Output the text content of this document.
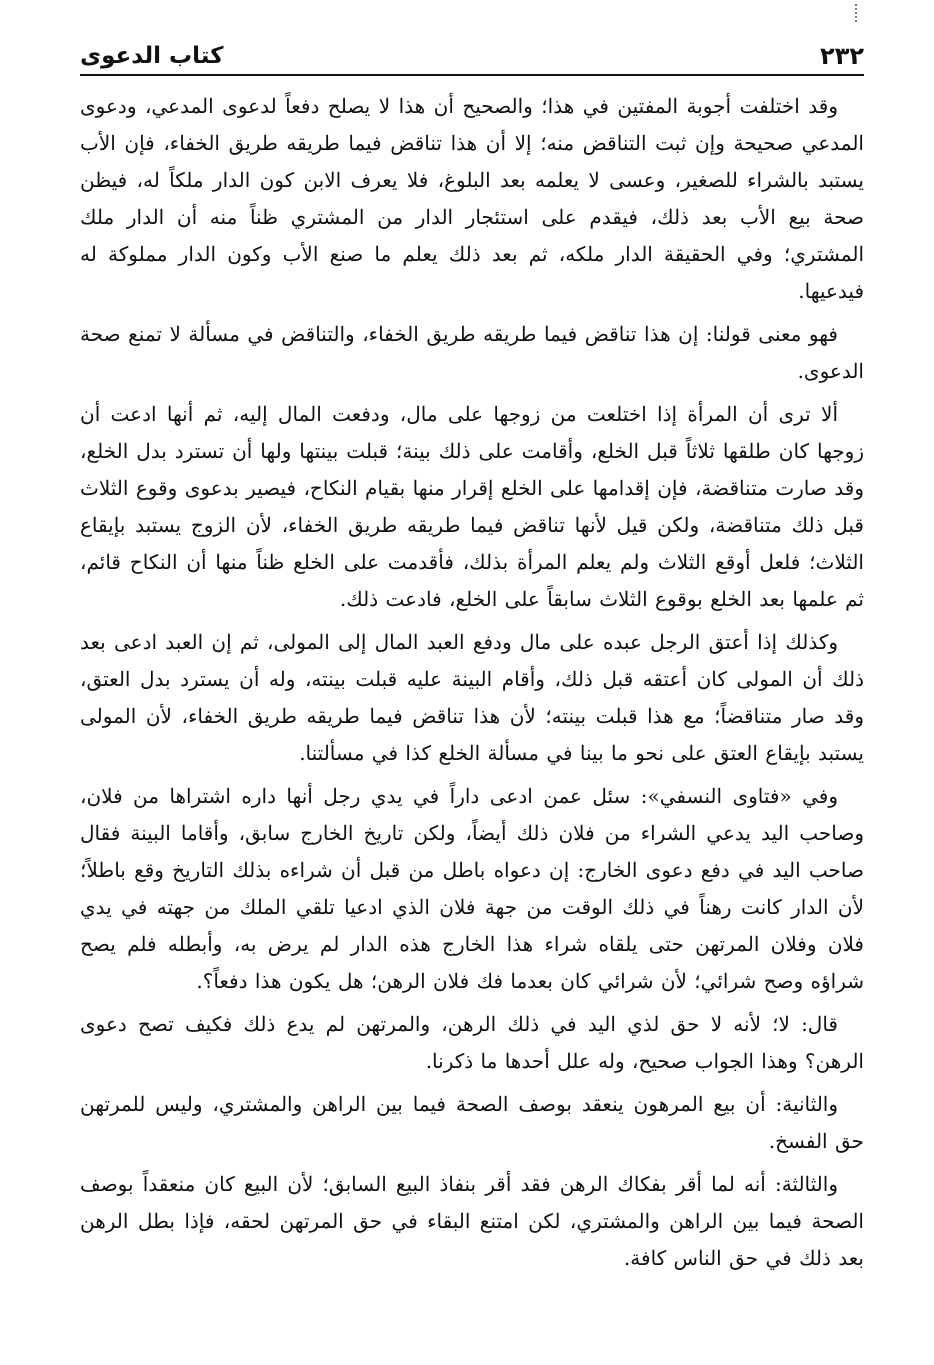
٢٣٢
كتاب الدعوى

وقد اختلفت أجوبة المفتين في هذا؛ والصحيح أن هذا لا يصلح دفعاً لدعوى المدعي، ودعوى المدعي صحيحة وإن ثبت التناقض منه؛ إلا أن هذا تناقض فيما طريقه طريق الخفاء، فإن الأب يستبد بالشراء للصغير، وعسى لا يعلمه بعد البلوغ، فلا يعرف الابن كون الدار ملكاً له، فيظن صحة بيع الأب بعد ذلك، فيقدم على استئجار الدار من المشتري ظناً منه أن الدار ملك المشتري؛ وفي الحقيقة الدار ملكه، ثم بعد ذلك يعلم ما صنع الأب وكون الدار مملوكة له فيدعيها.

فهو معنى قولنا: إن هذا تناقض فيما طريقه طريق الخفاء، والتناقض في مسألة لا تمنع صحة الدعوى.

ألا ترى أن المرأة إذا اختلعت من زوجها على مال، ودفعت المال إليه، ثم أنها ادعت أن زوجها كان طلقها ثلاثاً قبل الخلع، وأقامت على ذلك بينة؛ قبلت بينتها ولها أن تسترد بدل الخلع، وقد صارت متناقضة، فإن إقدامها على الخلع إقرار منها بقيام النكاح، فيصير بدعوى وقوع الثلاث قبل ذلك متناقضة، ولكن قيل لأنها تناقض فيما طريقه طريق الخفاء، لأن الزوج يستبد بإيقاع الثلاث؛ فلعل أوقع الثلاث ولم يعلم المرأة بذلك، فأقدمت على الخلع ظناً منها أن النكاح قائم، ثم علمها بعد الخلع بوقوع الثلاث سابقاً على الخلع، فادعت ذلك.

وكذلك إذا أعتق الرجل عبده على مال ودفع العبد المال إلى المولى، ثم إن العبد ادعى بعد ذلك أن المولى كان أعتقه قبل ذلك، وأقام البينة عليه قبلت بينته، وله أن يسترد بدل العتق، وقد صار متناقضاً؛ مع هذا قبلت بينته؛ لأن هذا تناقض فيما طريقه طريق الخفاء، لأن المولى يستبد بإيقاع العتق على نحو ما بينا في مسألة الخلع كذا في مسألتنا.

وفي «فتاوى النسفي»: سئل عمن ادعى داراً في يدي رجل أنها داره اشتراها من فلان، وصاحب اليد يدعي الشراء من فلان ذلك أيضاً، ولكن تاريخ الخارج سابق، وأقاما البينة فقال صاحب اليد في دفع دعوى الخارج: إن دعواه باطل من قبل أن شراءه بذلك التاريخ وقع باطلاً؛ لأن الدار كانت رهناً في ذلك الوقت من جهة فلان الذي ادعيا تلقي الملك من جهته في يدي فلان وفلان المرتهن حتى يلقاه شراء هذا الخارج هذه الدار لم يرض به، وأبطله فلم يصح شراؤه وصح شرائي؛ لأن شرائي كان بعدما فك فلان الرهن؛ هل يكون هذا دفعاً؟.

قال: لا؛ لأنه لا حق لذي اليد في ذلك الرهن، والمرتهن لم يدع ذلك فكيف تصح دعوى الرهن؟ وهذا الجواب صحيح، وله علل أحدها ما ذكرنا.

والثانية: أن بيع المرهون ينعقد بوصف الصحة فيما بين الراهن والمشتري، وليس للمرتهن حق الفسخ.

والثالثة: أنه لما أقر بفكاك الرهن فقد أقر بنفاذ البيع السابق؛ لأن البيع كان منعقداً بوصف الصحة فيما بين الراهن والمشتري، لكن امتنع البقاء في حق المرتهن لحقه، فإذا بطل الرهن بعد ذلك في حق الناس كافة.
